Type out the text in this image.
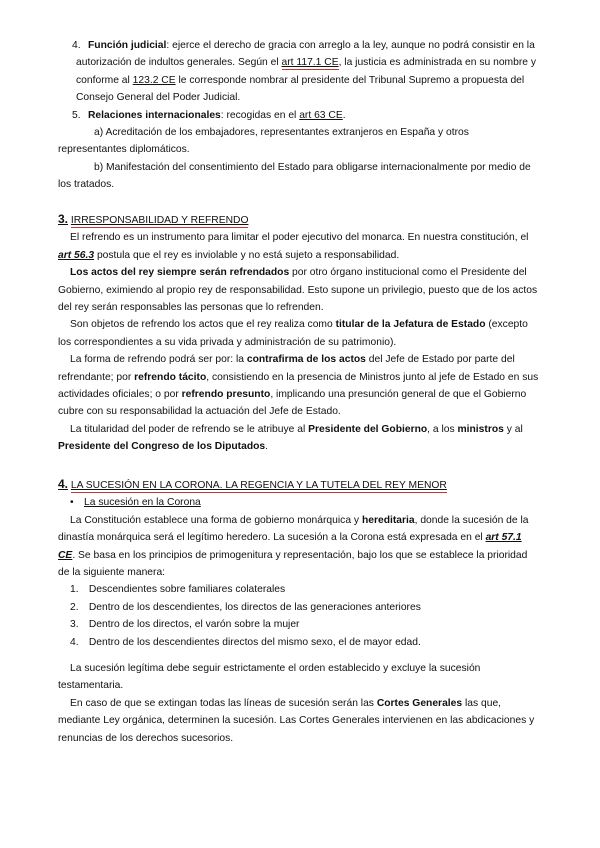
4. Función judicial: ejerce el derecho de gracia con arreglo a la ley, aunque no podrá consistir en la autorización de indultos generales. Según el art 117.1 CE, la justicia es administrada en su nombre y conforme al 123.2 CE le corresponde nombrar al presidente del Tribunal Supremo a propuesta del Consejo General del Poder Judicial.

5. Relaciones internacionales: recogidas en el art 63 CE.

a) Acreditación de los embajadores, representantes extranjeros en España y otros representantes diplomáticos.

b) Manifestación del consentimiento del Estado para obligarse internacionalmente por medio de los tratados.

3. IRRESPONSABILIDAD Y REFRENDO

El refrendo es un instrumento para limitar el poder ejecutivo del monarca. En nuestra constitución, el art 56.3 postula que el rey es inviolable y no está sujeto a responsabilidad.

Los actos del rey siempre serán refrendados por otro órgano institucional como el Presidente del Gobierno, eximiendo al propio rey de responsabilidad. Esto supone un privilegio, puesto que de los actos del rey serán responsables las personas que lo refrenden.

Son objetos de refrendo los actos que el rey realiza como titular de la Jefatura de Estado (excepto los correspondientes a su vida privada y administración de su patrimonio).

La forma de refrendo podrá ser por: la contrafirma de los actos del Jefe de Estado por parte del refrendante; por refrendo tácito, consistiendo en la presencia de Ministros junto al jefe de Estado en sus actividades oficiales; o por refrendo presunto, implicando una presunción general de que el Gobierno cubre con su responsabilidad la actuación del Jefe de Estado.

La titularidad del poder de refrendo se le atribuye al Presidente del Gobierno, a los ministros y al Presidente del Congreso de los Diputados.

4. LA SUCESIÓN EN LA CORONA. LA REGENCIA Y LA TUTELA DEL REY MENOR

• La sucesión en la Corona

La Constitución establece una forma de gobierno monárquica y hereditaria, donde la sucesión de la dinastía monárquica será el legítimo heredero. La sucesión a la Corona está expresada en el art 57.1 CE. Se basa en los principios de primogenitura y representación, bajo los que se establece la prioridad de la siguiente manera:

1. Descendientes sobre familiares colaterales

2. Dentro de los descendientes, los directos de las generaciones anteriores

3. Dentro de los directos, el varón sobre la mujer

4. Dentro de los descendientes directos del mismo sexo, el de mayor edad.

La sucesión legítima debe seguir estrictamente el orden establecido y excluye la sucesión testamentaria.

En caso de que se extingan todas las líneas de sucesión serán las Cortes Generales las que, mediante Ley orgánica, determinen la sucesión. Las Cortes Generales intervienen en las abdicaciones y renuncias de los derechos sucesorios.
